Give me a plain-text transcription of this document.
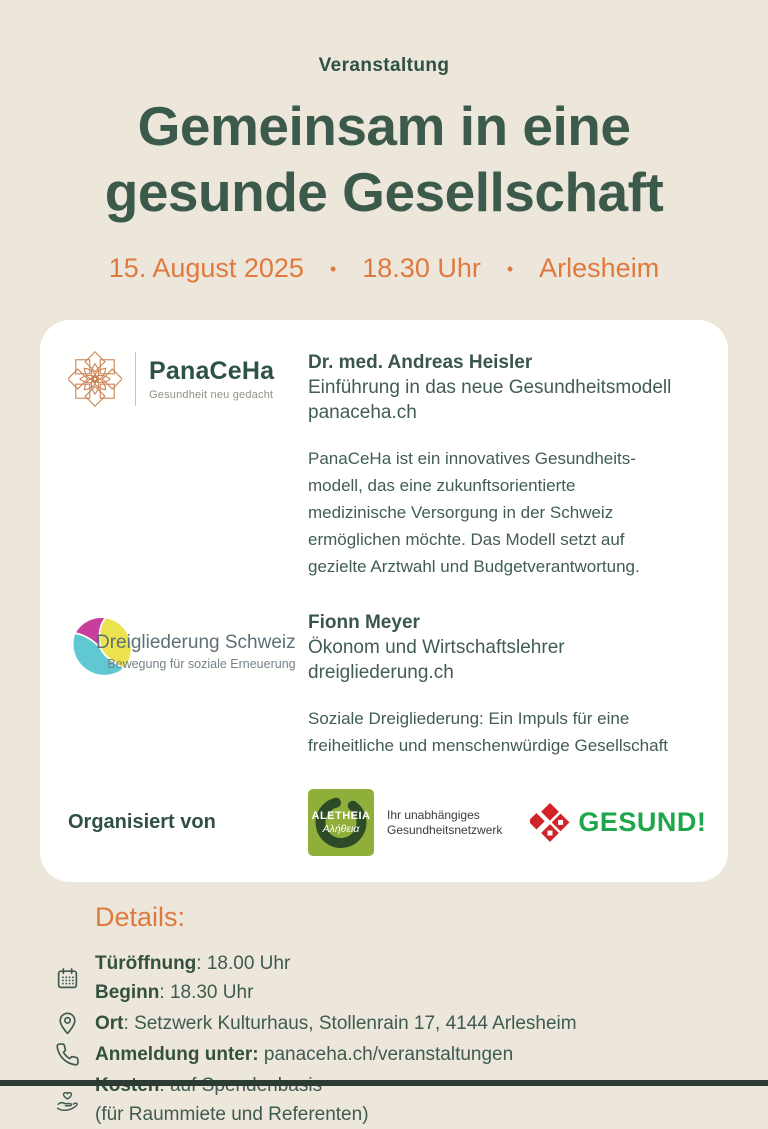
Veranstaltung
Gemeinsam in eine
gesunde Gesellschaft
15. August 2025 • 18.30 Uhr • Arlesheim
PanaCeHa
Gesundheit neu gedacht
Dr. med. Andreas Heisler
Einführung in das neue Gesundheitsmodell
panaceha.ch
PanaCeHa ist ein innovatives Gesundheits-modell, das eine zukunftsorientierte medizinische Versorgung in der Schweiz ermöglichen möchte. Das Modell setzt auf gezielte Arztwahl und Budgetverantwortung.
Dreigliederung Schweiz
Bewegung für soziale Erneuerung
Fionn Meyer
Ökonom und Wirtschaftslehrer
dreigliederung.ch
Soziale Dreigliederung: Ein Impuls für eine freiheitliche und menschenwürdige Gesellschaft
Organisiert von	ALETHEIA
Αλήθεια
Ihr unabhängiges
Gesundheitsnetzwerk	GESUND!
Details:
Türöffnung: 18.00 Uhr
Beginn: 18.30 Uhr
Ort: Setzwerk Kulturhaus, Stollenrain 17, 4144 Arlesheim
Anmeldung unter: panaceha.ch/veranstaltungen
(für Raummiete und Referenten)
